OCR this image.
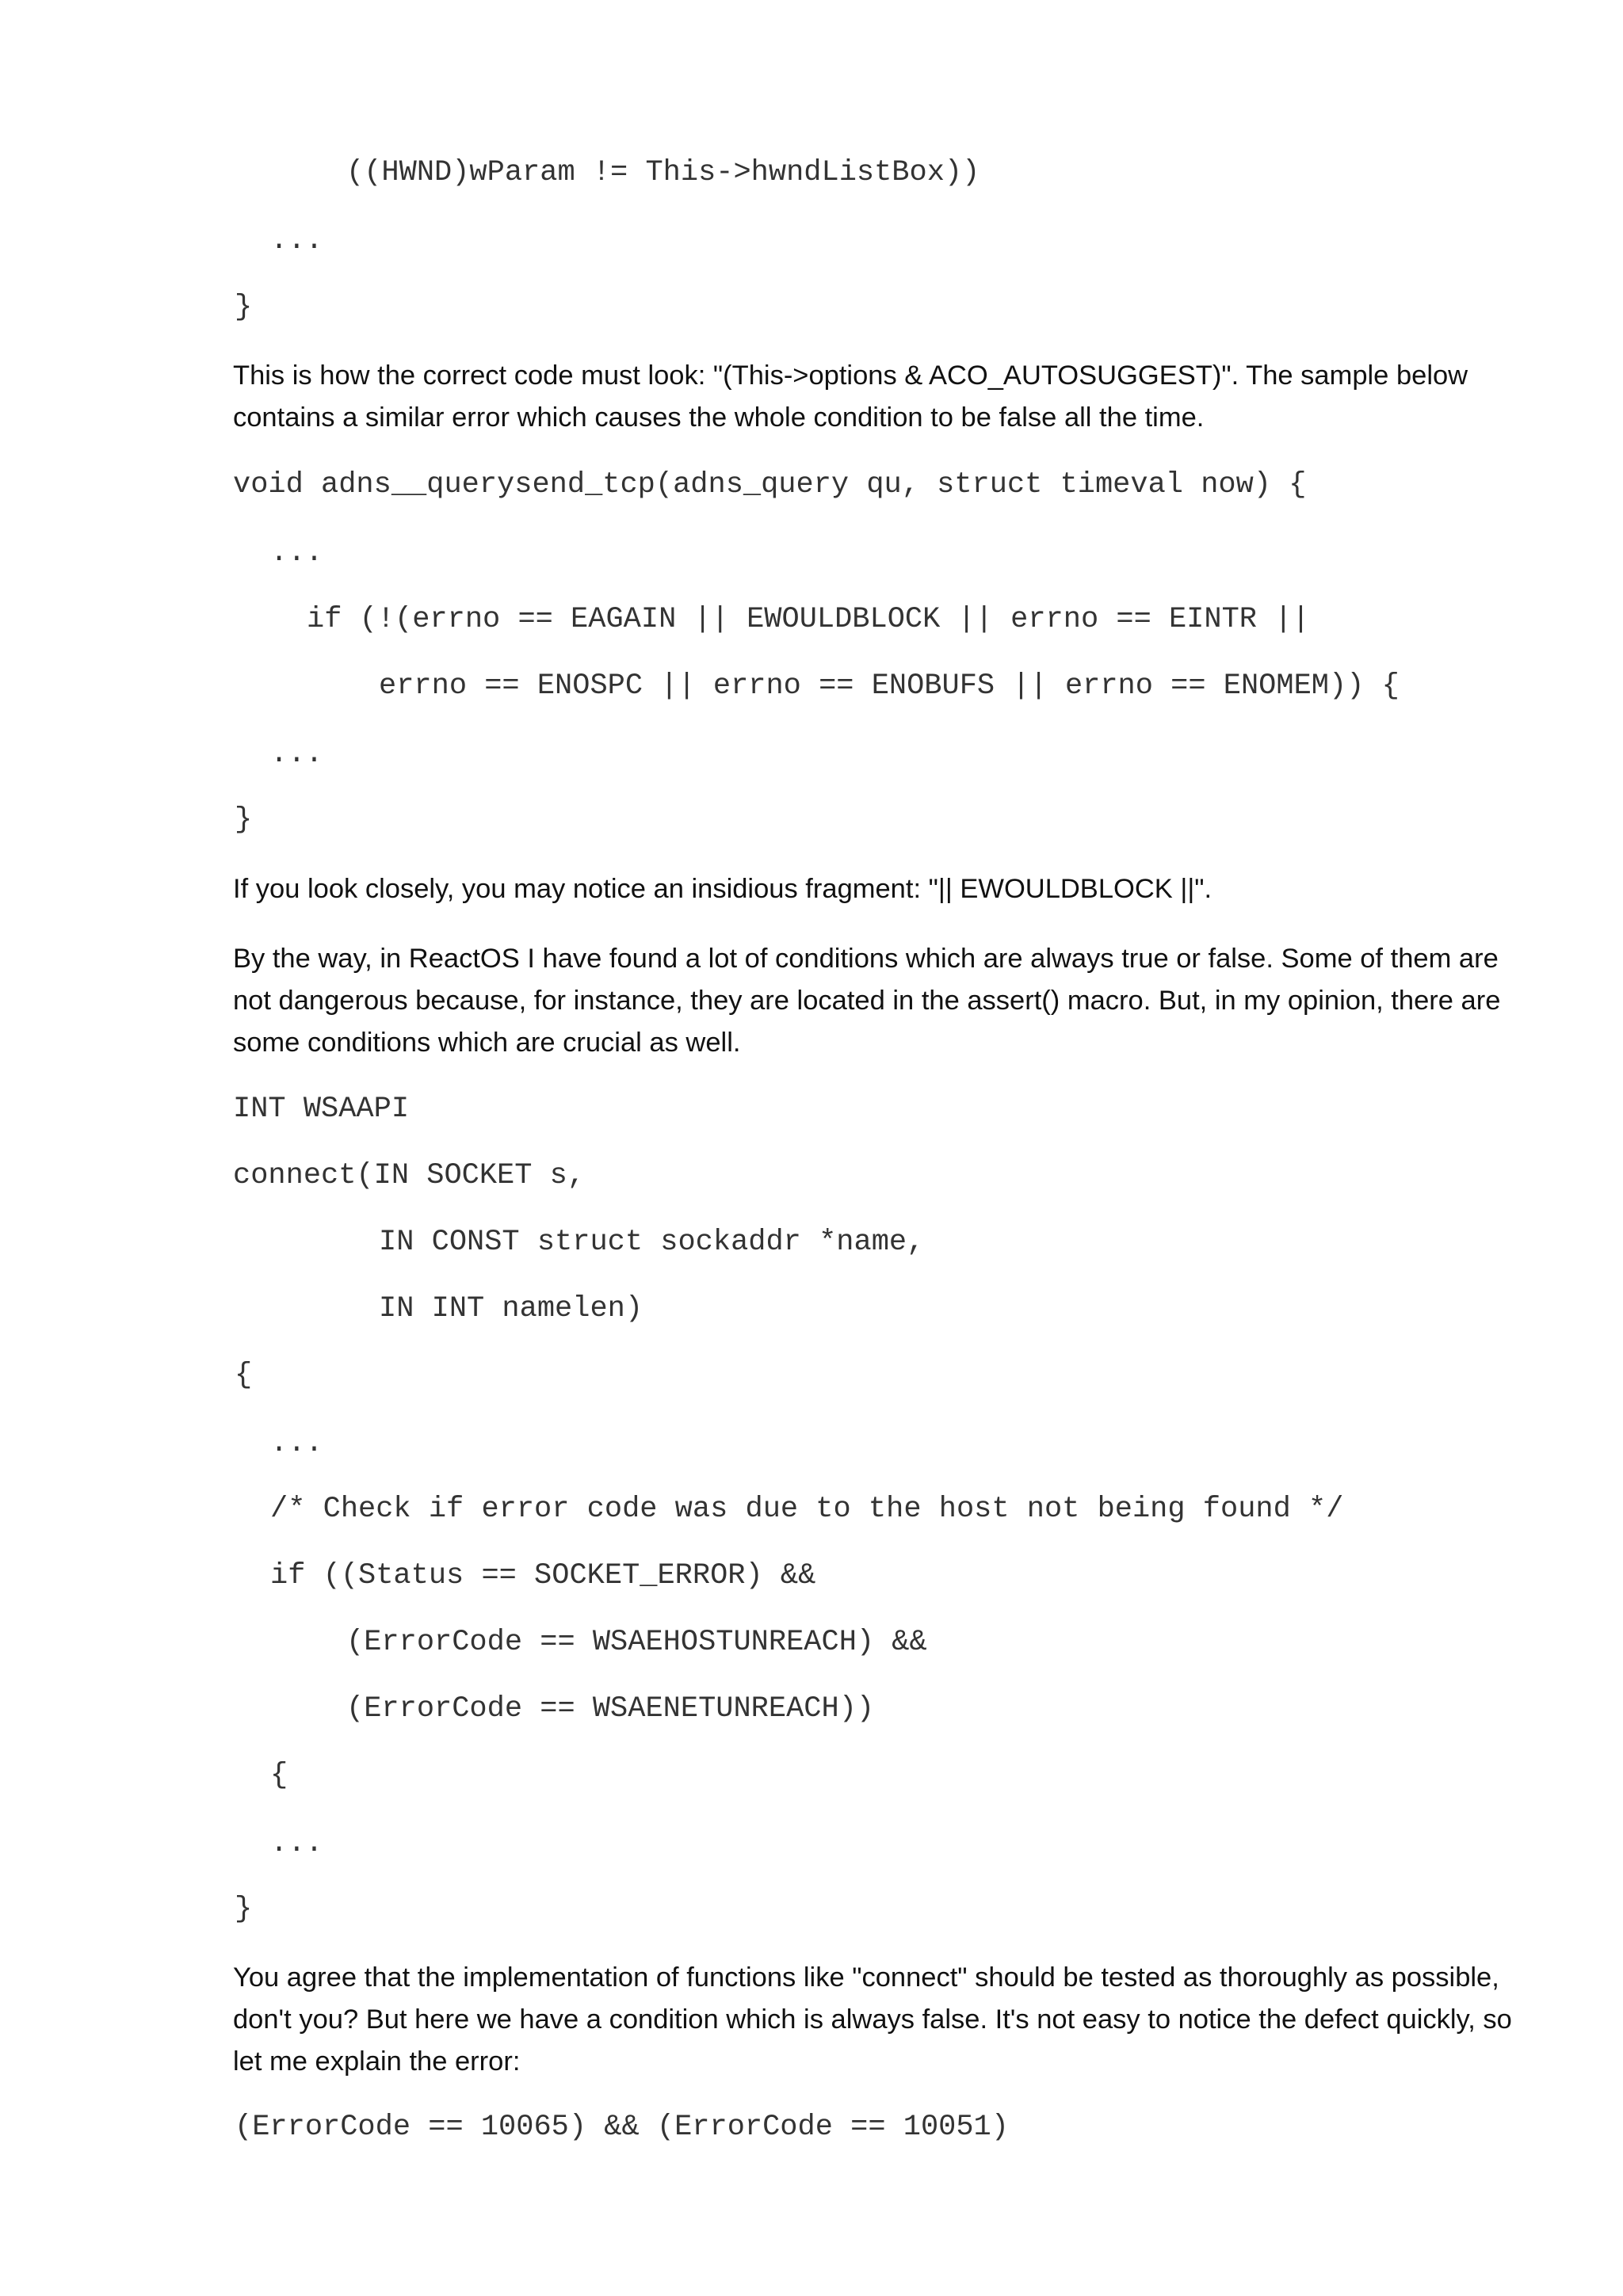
((HWND)wParam != This->hwndListBox))
...
}

This is how the correct code must look: "(This->options & ACO_AUTOSUGGEST)". The sample below contains a similar error which causes the whole condition to be false all the time.

void adns__querysend_tcp(adns_query qu, struct timeval now) {
...
if (!(errno == EAGAIN || EWOULDBLOCK || errno == EINTR ||
errno == ENOSPC || errno == ENOBUFS || errno == ENOMEM)) {
...
}

If you look closely, you may notice an insidious fragment: "|| EWOULDBLOCK ||".

By the way, in ReactOS I have found a lot of conditions which are always true or false. Some of them are not dangerous because, for instance, they are located in the assert() macro. But, in my opinion, there are some conditions which are crucial as well.

INT WSAAPI
connect(IN SOCKET s,
IN CONST struct sockaddr *name,
IN INT namelen)
{
...
/* Check if error code was due to the host not being found */
if ((Status == SOCKET_ERROR) &&
(ErrorCode == WSAEHOSTUNREACH) &&
(ErrorCode == WSAENETUNREACH))
{
...
}

You agree that the implementation of functions like "connect" should be tested as thoroughly as possible, don't you? But here we have a condition which is always false. It's not easy to notice the defect quickly, so let me explain the error:

(ErrorCode == 10065) && (ErrorCode == 10051)
